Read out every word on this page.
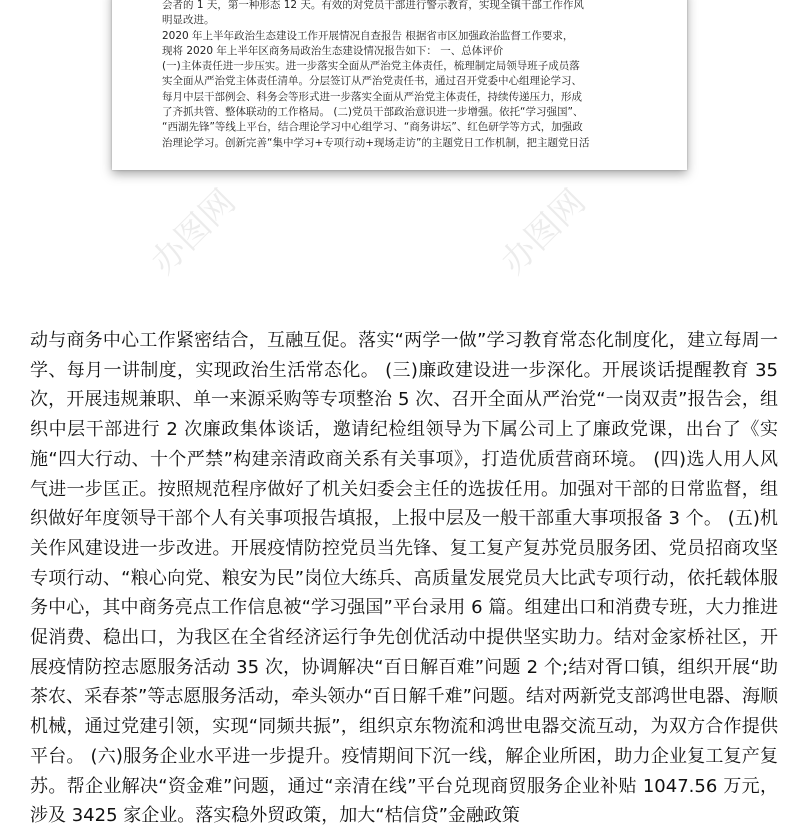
会者的 1 天，第一种形态 12 天。有效的对党员干部进行警示教育，实现全镇干部工作作风

明显改进。

2020 年上半年政治生态建设工作开展情况自查报告 根据省市区加强政治监督工作要求，

现将 2020 年上半年区商务局政治生态建设情况报告如下： 一、总体评价

(一)主体责任进一步压实。进一步落实全面从严治党主体责任，梳理制定局领导班子成员落

实全面从严治党主体责任清单。分层签订从严治党责任书，通过召开党委中心组理论学习、

每月中层干部例会、科务会等形式进一步落实全面从严治党主体责任，持续传递压力，形成

了齐抓共管、整体联动的工作格局。 (二)党员干部政治意识进一步增强。依托“学习强国”、

“西湖先锋”等线上平台，结合理论学习中心组学习、“商务讲坛”、红色研学等方式，加强政

治理论学习。创新完善“集中学习+专项行动+现场走访”的主题党日工作机制，把主题党日活

办图网	办图网

动与商务中心工作紧密结合，互融互促。落实“两学一做”学习教育常态化制度化，建立每周一学、每月一讲制度，实现政治生活常态化。 (三)廉政建设进一步深化。开展谈话提醒教育 35 次，开展违规兼职、单一来源采购等专项整治 5 次、召开全面从严治党“一岗双责”报告会，组织中层干部进行 2 次廉政集体谈话，邀请纪检组领导为下属公司上了廉政党课，出台了《实施“四大行动、十个严禁”构建亲清政商关系有关事项》，打造优质营商环境。 (四)选人用人风气进一步匡正。按照规范程序做好了机关妇委会主任的选拔任用。加强对干部的日常监督，组织做好年度领导干部个人有关事项报告填报，上报中层及一般干部重大事项报备 3 个。 (五)机关作风建设进一步改进。开展疫情防控党员当先锋、复工复产复苏党员服务团、党员招商攻坚专项行动、“粮心向党、粮安为民”岗位大练兵、高质量发展党员大比武专项行动，依托载体服务中心，其中商务亮点工作信息被“学习强国”平台录用 6 篇。组建出口和消费专班，大力推进促消费、稳出口，为我区在全省经济运行争先创优活动中提供坚实助力。结对金家桥社区，开展疫情防控志愿服务活动 35 次，协调解决“百日解百难”问题 2 个;结对胥口镇，组织开展“助茶农、采春茶”等志愿服务活动，牵头领办“百日解千难”问题。结对两新党支部鸿世电器、海顺机械，通过党建引领，实现“同频共振”，组织京东物流和鸿世电器交流互动，为双方合作提供平台。 (六)服务企业水平进一步提升。疫情期间下沉一线，解企业所困，助力企业复工复产复苏。帮企业解决“资金难”问题，通过“亲清在线”平台兑现商贸服务企业补贴 1047.56 万元，涉及 3425 家企业。落实稳外贸政策，加大“桔信贷”金融政策
